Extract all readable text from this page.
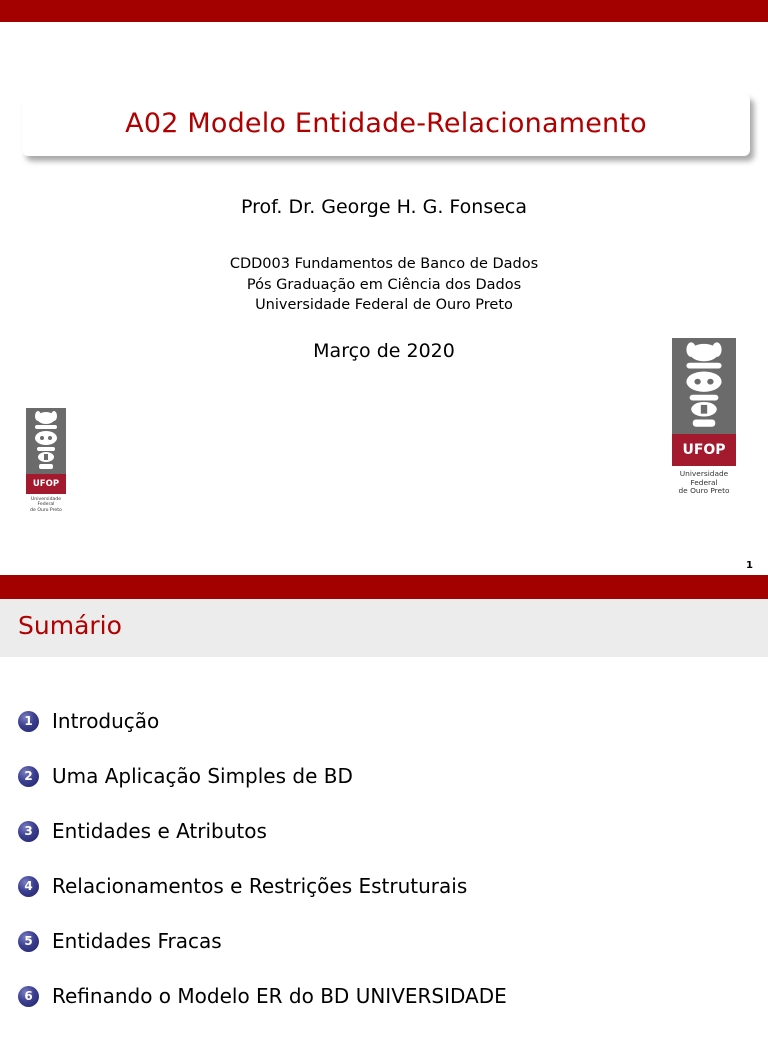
A02 Modelo Entidade-Relacionamento
Prof. Dr. George H. G. Fonseca
CDD003 Fundamentos de Banco de Dados
Pós Graduação em Ciência dos Dados
Universidade Federal de Ouro Preto
Março de 2020
UFOP
Universidade Federal
de Ouro Preto
UFOP
Universidade Federal
de Ouro Preto
1
Sumário
1 Introdução
2 Uma Aplicação Simples de BD
3 Entidades e Atributos
4 Relacionamentos e Restrições Estruturais
5 Entidades Fracas
6 Refinando o Modelo ER do BD UNIVERSIDADE
